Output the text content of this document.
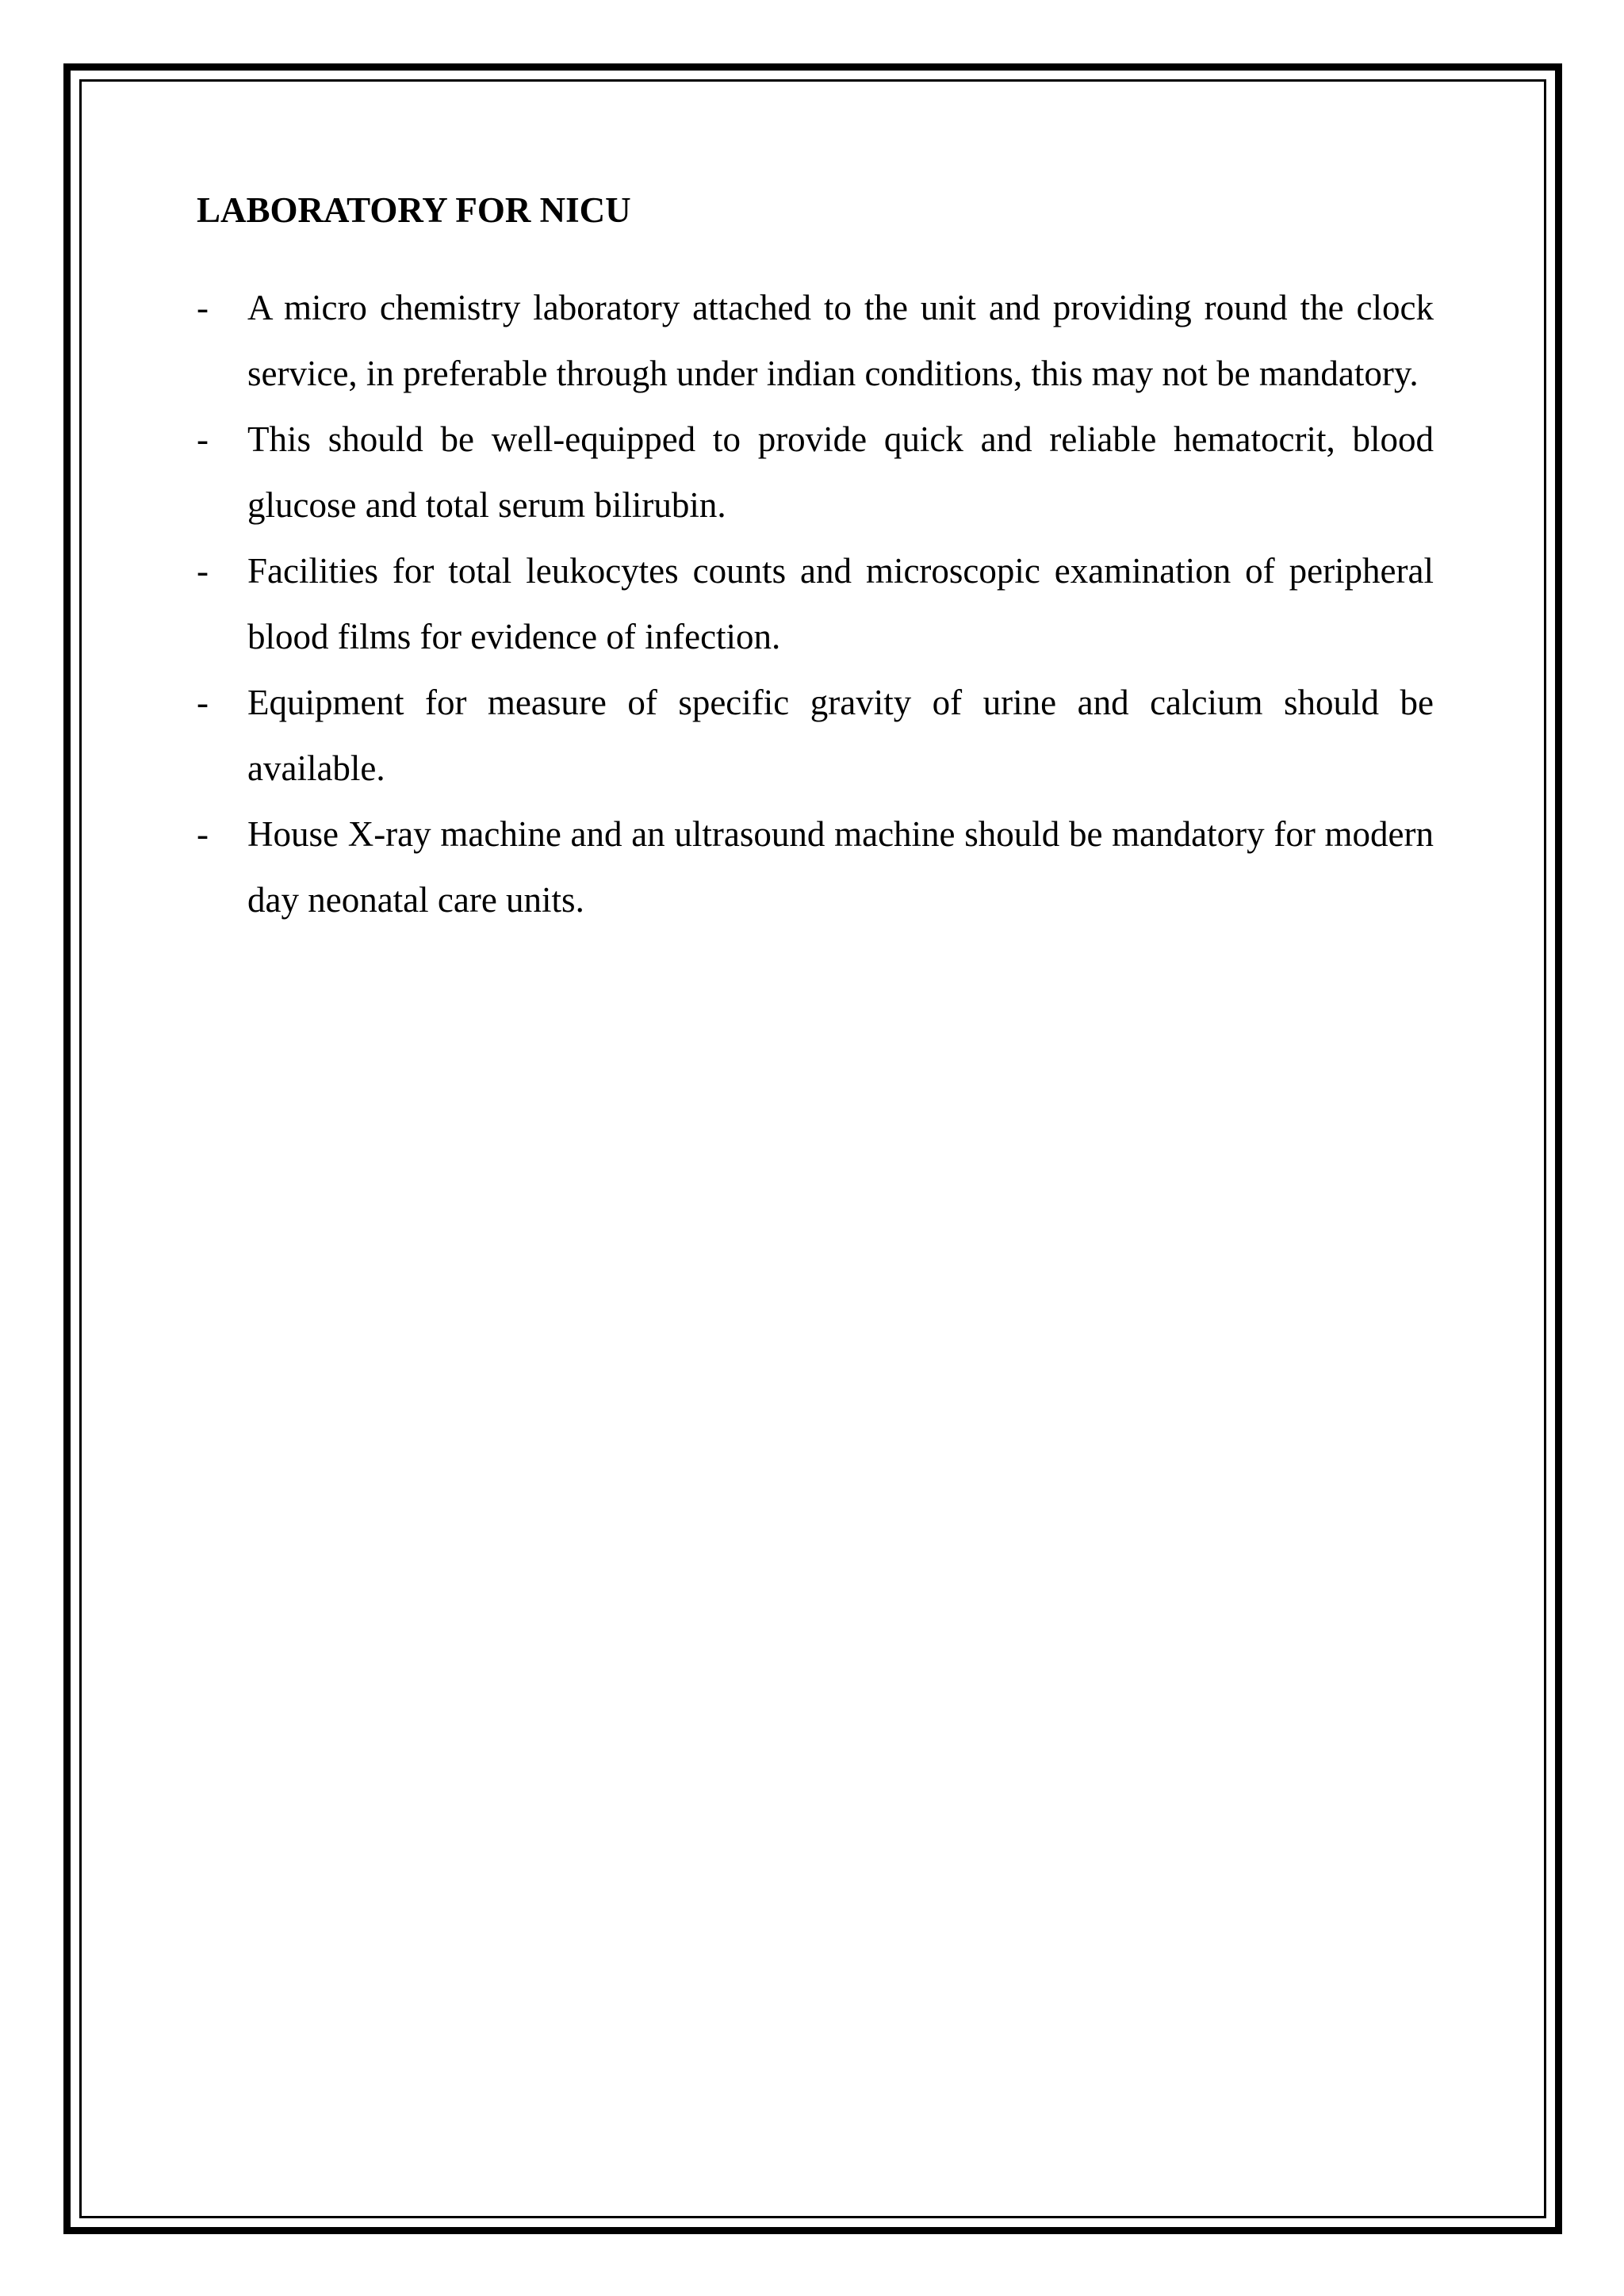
LABORATORY FOR NICU
- A micro chemistry laboratory attached to the unit and providing round the clock service, in preferable through under indian conditions, this may not be mandatory.
- This should be well-equipped to provide quick and reliable hematocrit, blood glucose and total serum bilirubin.
- Facilities for total leukocytes counts and microscopic examination of peripheral blood films for evidence of infection.
- Equipment for measure of specific gravity of urine and calcium should be available.
- House X-ray machine and an ultrasound machine should be mandatory for modern day neonatal care units.
